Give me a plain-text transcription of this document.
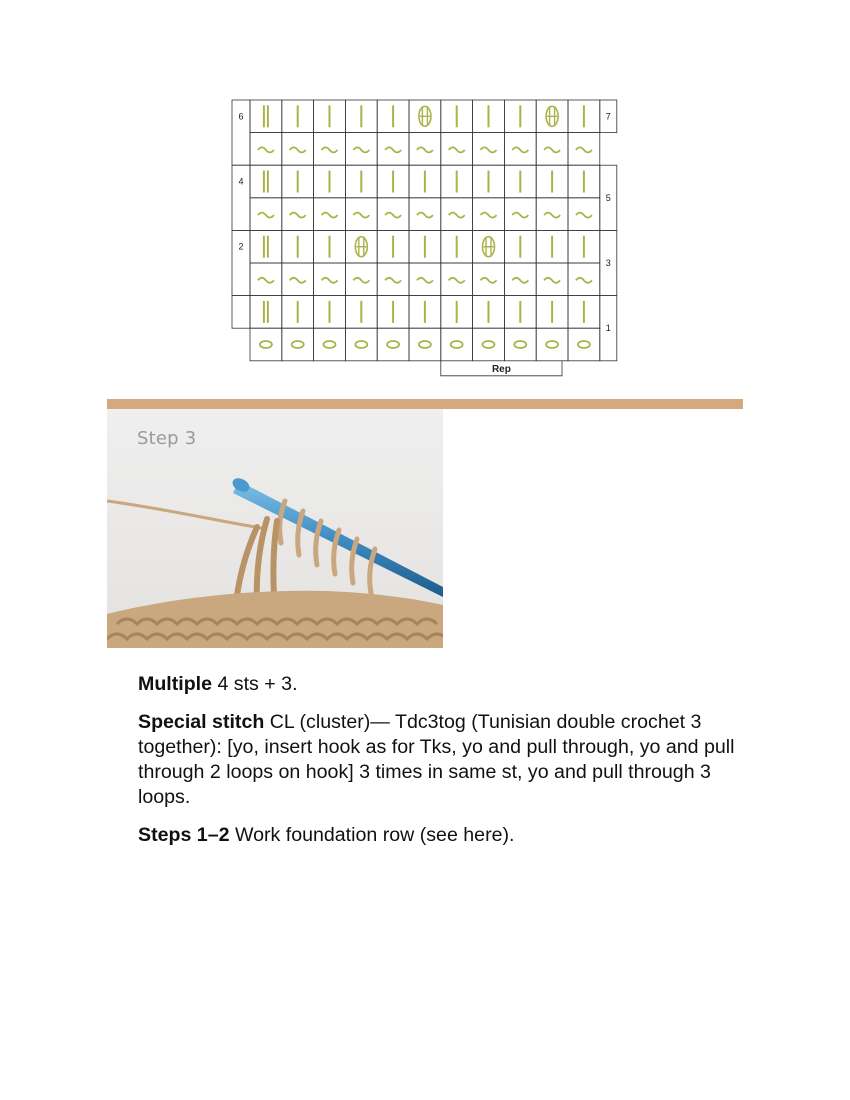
7
5
3
1
6
4
2
Rep
Step 3

Multiple 4 sts + 3.

Special stitch CL (cluster)— Tdc3tog (Tunisian double crochet 3 together): [yo, insert hook as for Tks, yo and pull through, yo and pull through 2 loops on hook] 3 times in same st, yo and pull through 3 loops.

Steps 1–2 Work foundation row (see here).
